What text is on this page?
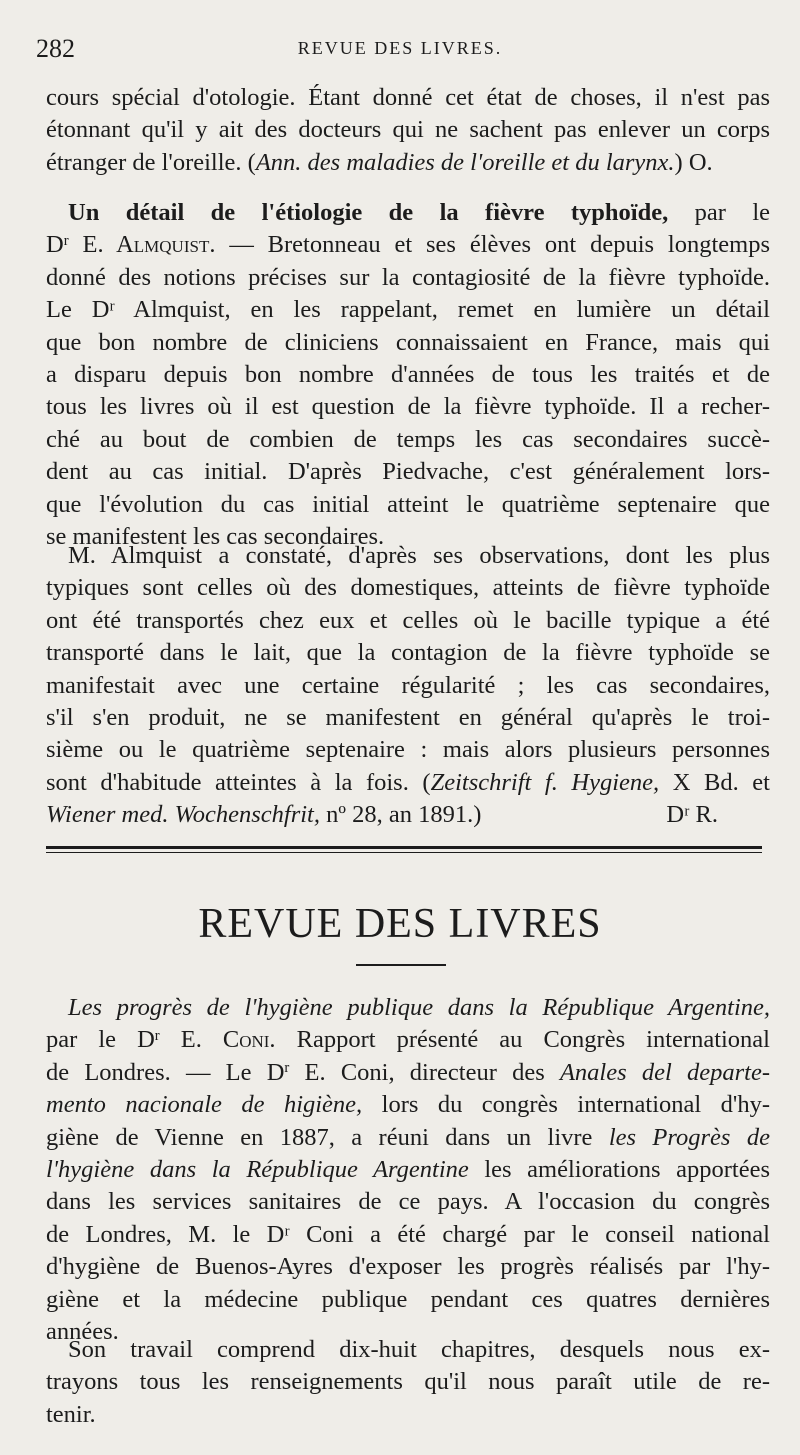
282	REVUE DES LIVRES.
cours spécial d'otologie. Étant donné cet état de choses, il n'est pas
étonnant qu'il y ait des docteurs qui ne sachent pas enlever un corps
étranger de l'oreille. (Ann. des maladies de l'oreille et du larynx.) O.
Un détail de l'étiologie de la fièvre typhoïde, par le
$D^r$ E. Almquist. — Bretonneau et ses élèves ont depuis longtemps
donné des notions précises sur la contagiosité de la fièvre typhoïde.
Le Dʳ Almquist, en les rappelant, remet en lumière un détail
que bon nombre de cliniciens connaissaient en France, mais qui
a disparu depuis bon nombre d'années de tous les traités et de
tous les livres où il est question de la fièvre typhoïde. Il a recher-
ché au bout de combien de temps les cas secondaires succè-
dent au cas initial. D'après Piedvache, c'est généralement lors-
que l'évolution du cas initial atteint le quatrième septenaire que
se manifestent les cas secondaires.
M. Almquist a constaté, d'après ses observations, dont les plus
typiques sont celles où des domestiques, atteints de fièvre typhoïde
ont été transportés chez eux et celles où le bacille typique a été
transporté dans le lait, que la contagion de la fièvre typhoïde se
manifestait avec une certaine régularité ; les cas secondaires,
s'il s'en produit, ne se manifestent en général qu'après le troi-
sième ou le quatrième septenaire : mais alors plusieurs personnes
sont d'habitude atteintes à la fois. (Zeitschrift f. Hygiene, X Bd. et
Wiener med. Wochenschfrit, nº 28, an 1891.)	Dʳ R.
REVUE DES LIVRES
Les progrès de l'hygiène publique dans la République Argentine,
par le $D^r$ E. Coni. Rapport présenté au Congrès international
de Londres. — Le $D^r$ E. Coni, directeur des Anales del departe-
mento nacionale de higiène, lors du congrès international d'hy-
giène de Vienne en 1887, a réuni dans un livre les Progrès de
l'hygiène dans la République Argentine les améliorations apportées
dans les services sanitaires de ce pays. A l'occasion du congrès
de Londres, M. le Dʳ Coni a été chargé par le conseil national
d'hygiène de Buenos-Ayres d'exposer les progrès réalisés par l'hy-
giène et la médecine publique pendant ces quatres dernières
années.
Son travail comprend dix-huit chapitres, desquels nous ex-
trayons tous les renseignements qu'il nous paraît utile de re-
tenir.
